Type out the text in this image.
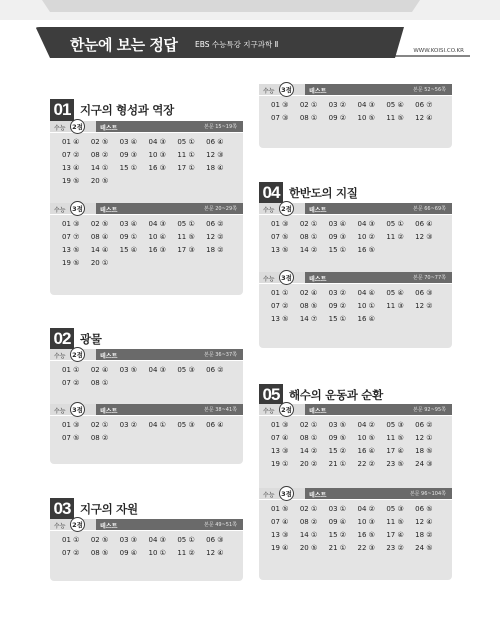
한눈에 보는 정답 EBS 수능특강 지구과학 Ⅱ
WWW.KOISI.CO.KR
01 지구의 형성과 역장
02 광물
03 지구의 자원
04 한반도의 지질
05 해수의 운동과 순환
수능	2점	테스트	본문 15~19쪽
01 ④	02 ⑤	03 ④	04 ③	05 ①	06 ④
07 ②	08 ②	09 ③	10 ③	11 ①	12 ③
13 ④	14 ①	15 ①	16 ③	17 ①	18 ④
19 ⑤	20 ⑤
수능	3점	테스트	본문 20~29쪽
01 ③	02 ⑤	03 ④	04 ③	05 ①	06 ②
07 ⑦	08 ④	09 ①	10 ④	11 ⑤	12 ②
13 ⑤	14 ④	15 ④	16 ③	17 ③	18 ②
19 ⑤	20 ①
수능	2점	테스트	본문 36~37쪽
01 ①	02 ④	03 ⑤	04 ③	05 ③	06 ②
07 ②	08 ①
수능	3점	테스트	본문 38~41쪽
01 ③	02 ①	03 ②	04 ①	05 ③	06 ④
07 ⑤	08 ②
수능	2점	테스트	본문 49~51쪽
01 ①	02 ⑤	03 ③	04 ③	05 ①	06 ③
07 ②	08 ⑤	09 ④	10 ①	11 ②	12 ④
수능	3점	테스트	본문 52~56쪽
01 ③	02 ①	03 ②	04 ③	05 ④	06 ⑦
07 ③	08 ①	09 ②	10 ⑤	11 ⑤	12 ④
수능	2점	테스트	본문 66~69쪽
01 ③	02 ①	03 ④	04 ③	05 ①	06 ④
07 ⑤	08 ①	09 ③	10 ②	11 ②	12 ③
13 ⑤	14 ②	15 ①	16 ⑤
수능	3점	테스트	본문 70~77쪽
01 ①	02 ④	03 ②	04 ④	05 ④	06 ③
07 ②	08 ⑤	09 ②	10 ①	11 ③	12 ②
13 ⑤	14 ⑦	15 ①	16 ④
수능	2점	테스트	본문 92~95쪽
01 ③	02 ①	03 ⑤	04 ②	05 ③	06 ②
07 ④	08 ①	09 ⑤	10 ⑤	11 ⑤	12 ①
13 ③	14 ②	15 ②	16 ④	17 ④	18 ⑤
19 ①	20 ②	21 ①	22 ②	23 ⑤	24 ③
수능	3점	테스트	본문 96~104쪽
01 ⑤	02 ①	03 ①	04 ②	05 ③	06 ⑤
07 ④	08 ②	09 ④	10 ③	11 ⑤	12 ④
13 ③	14 ①	15 ②	16 ⑤	17 ④	18 ②
19 ④	20 ⑤	21 ①	22 ③	23 ②	24 ⑤
